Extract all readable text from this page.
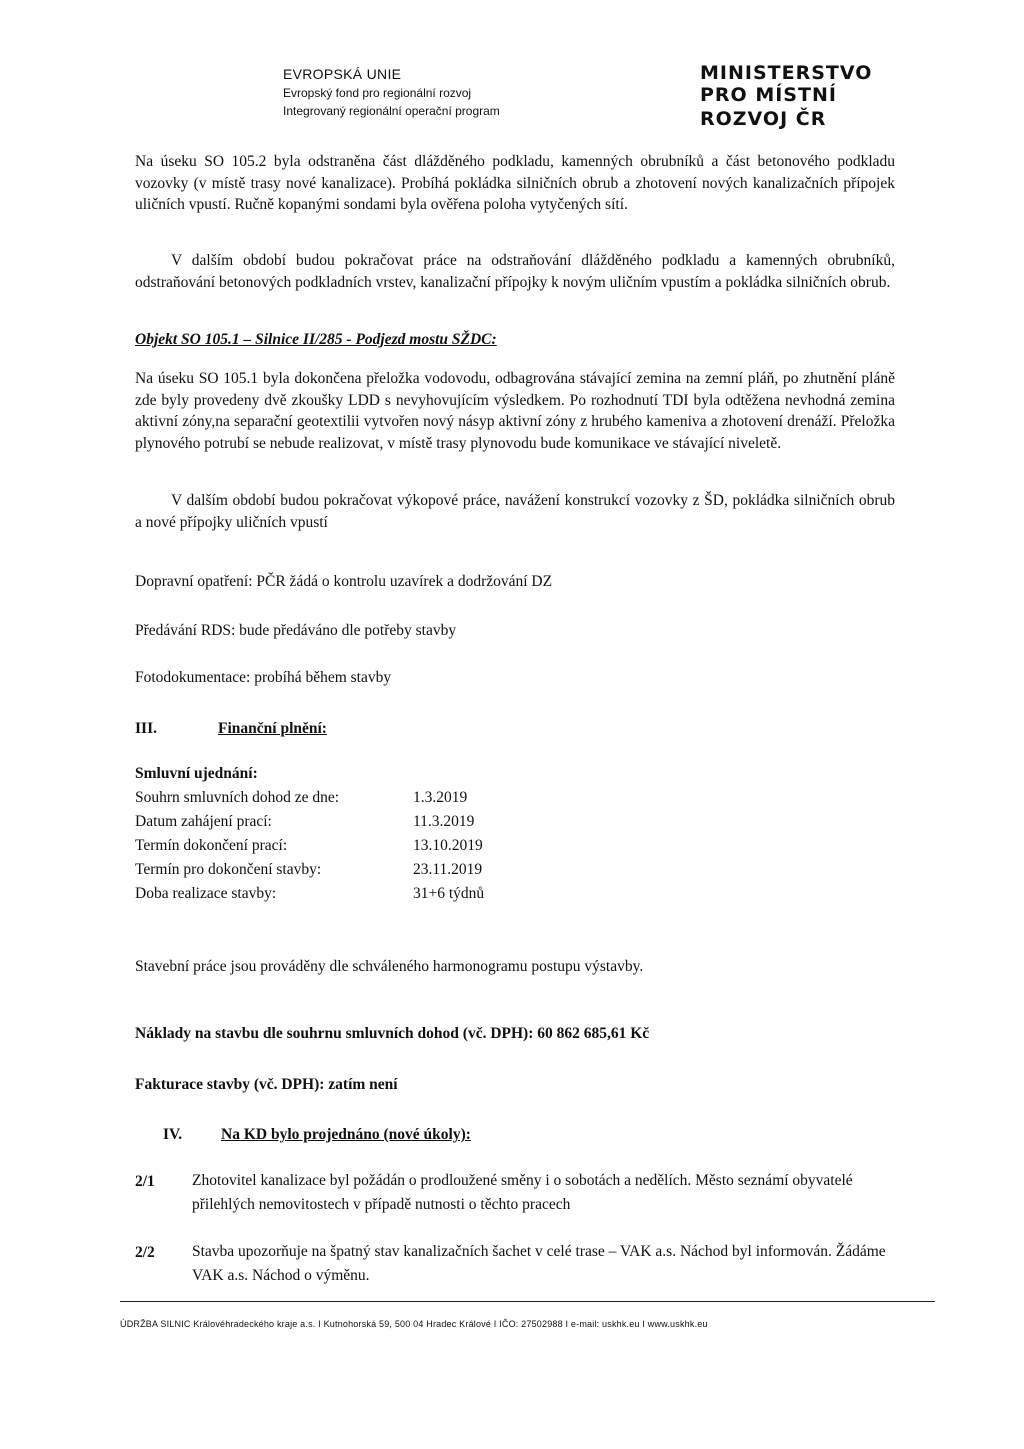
EVROPSKÁ UNIE
Evropský fond pro regionální rozvoj
Integrovaný regionální operační program
MINISTERSTVO
PRO MÍSTNÍ
ROZVOJ ČR
Na úseku SO 105.2 byla odstraněna část dlážděného podkladu, kamenných obrubníků a část betonového podkladu vozovky (v místě trasy nové kanalizace). Probíhá pokládka silničních obrub a zhotovení nových kanalizačních přípojek uličních vpustí. Ručně kopanými sondami byla ověřena poloha vytyčených sítí.
V dalším období budou pokračovat práce na odstraňování dlážděného podkladu a kamenných obrubníků, odstraňování betonových podkladních vrstev, kanalizační přípojky k novým uličním vpustím a pokládka silničních obrub.
Objekt SO 105.1 – Silnice II/285 - Podjezd mostu SŽDC:
Na úseku SO 105.1 byla dokončena přeložka vodovodu, odbagrována stávající zemina na zemní pláň, po zhutnění pláně zde byly provedeny dvě zkoušky LDD s nevyhovujícím výsledkem. Po rozhodnutí TDI byla odtěžena nevhodná zemina aktivní zóny,na separační geotextilii vytvořen nový násyp aktivní zóny z hrubého kameniva a zhotovení drenáží. Přeložka plynového potrubí se nebude realizovat, v místě trasy plynovodu bude komunikace ve stávající niveletě.
V dalším období budou pokračovat výkopové práce, navážení konstrukcí vozovky z ŠD, pokládka silničních obrub a nové přípojky uličních vpustí
Dopravní opatření: PČR žádá o kontrolu uzavírek a dodržování DZ
Předávání RDS: bude předáváno dle potřeby stavby
Fotodokumentace: probíhá během stavby
III.	Finanční plnění:
Smluvní ujednání:
Souhrn smluvních dohod ze dne:	1.3.2019
Datum zahájení prací:	11.3.2019
Termín dokončení prací:	13.10.2019
Termín pro dokončení stavby:	23.11.2019
Doba realizace stavby:	31+6 týdnů
Stavební práce jsou prováděny dle schváleného harmonogramu postupu výstavby.
Náklady na stavbu dle souhrnu smluvních dohod (vč. DPH): 60 862 685,61 Kč
Fakturace stavby (vč. DPH): zatím není
IV.	Na KD bylo projednáno (nové úkoly):
2/1 Zhotovitel kanalizace byl požádán o prodloužené směny i o sobotách a nedělích. Město seznámí obyvatelé přilehlých nemovitostech v případě nutnosti o těchto pracech
2/2 Stavba upozorňuje na špatný stav kanalizačních šachet v celé trase – VAK a.s. Náchod byl informován. Žádáme VAK a.s. Náchod o výměnu.
ÚDRŽBA SILNIC Královéhradeckého kraje a.s. I Kutnohorská 59, 500 04 Hradec Králové I IČO: 27502988 I e-mail: uskhk.eu I www.uskhk.eu
